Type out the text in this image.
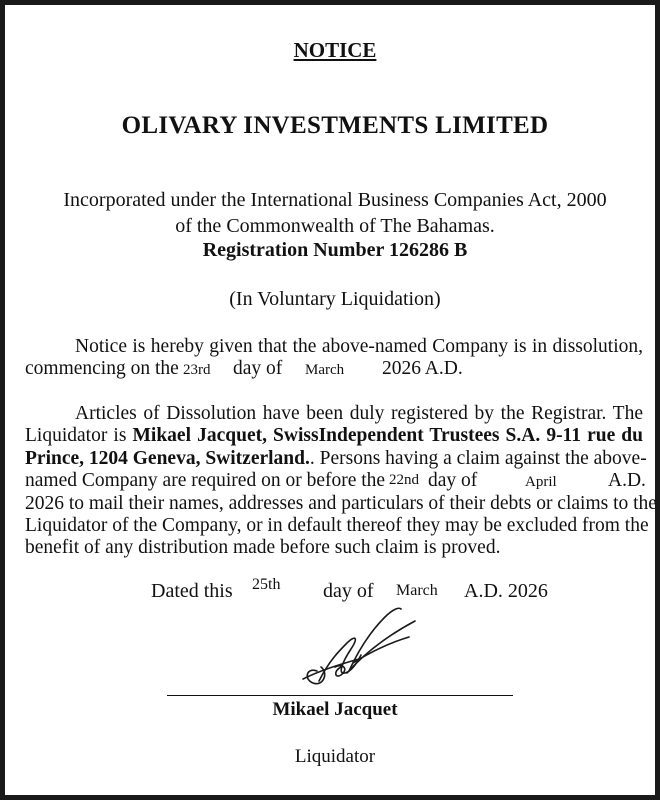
NOTICE
OLIVARY INVESTMENTS LIMITED
Incorporated under the International Business Companies Act, 2000
of the Commonwealth of The Bahamas.
Registration Number 126286 B
(In Voluntary Liquidation)
Notice is hereby given that the above-named Company is in dissolution,
commencing on the 23rd day of March 2026 A.D.
Articles of Dissolution have been duly registered by the Registrar. The
Liquidator is Mikael Jacquet, SwissIndependent Trustees S.A. 9-11 rue du
Prince, 1204 Geneva, Switzerland.. Persons having a claim against the above-
named Company are required on or before the 22nd day of	April	A.D.
2026 to mail their names, addresses and particulars of their debts or claims to the
Liquidator of the Company, or in default thereof they may be excluded from the
benefit of any distribution made before such claim is proved.
Dated this 25th day of March A.D. 2026
Mikael Jacquet
Liquidator
